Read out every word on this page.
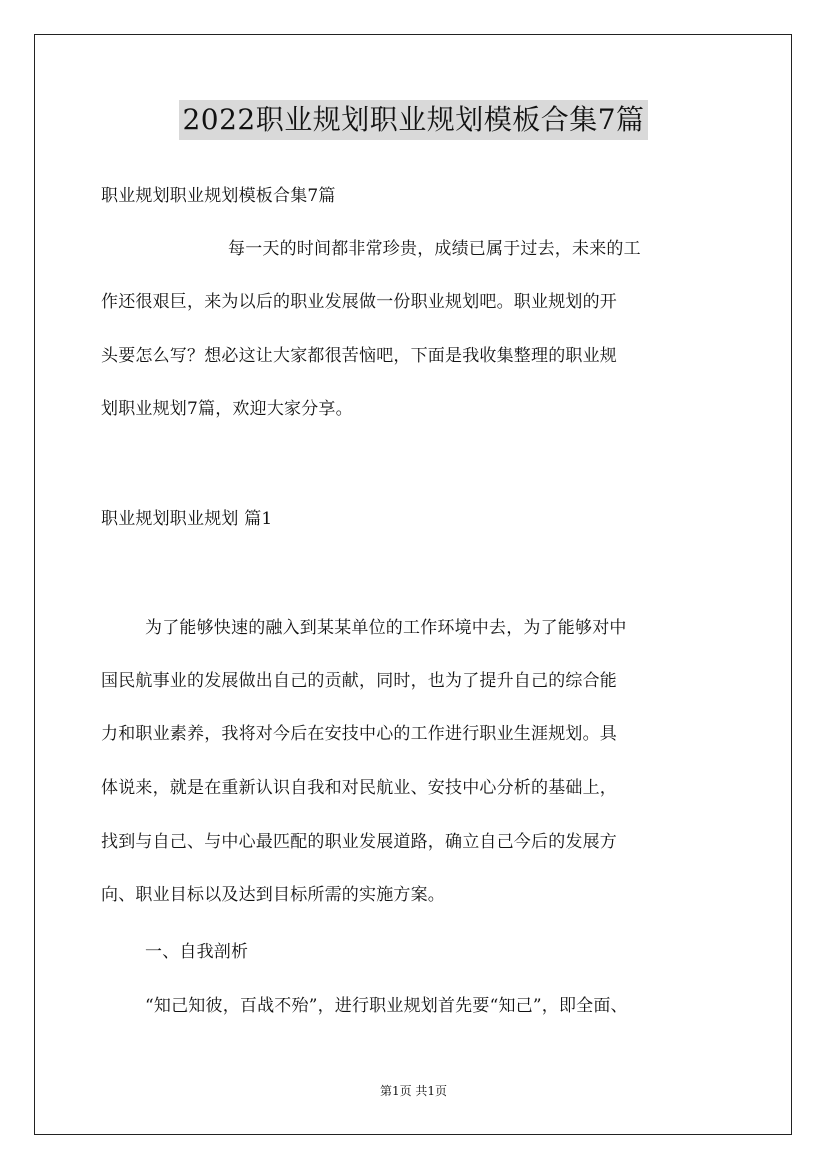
2022职业规划职业规划模板合集7篇
职业规划职业规划模板合集7篇
每一天的时间都非常珍贵，成绩已属于过去，未来的工
作还很艰巨，来为以后的职业发展做一份职业规划吧。职业规划的开
头要怎么写？想必这让大家都很苦恼吧，下面是我收集整理的职业规
划职业规划7篇，欢迎大家分享。
职业规划职业规划 篇1
为了能够快速的融入到某某单位的工作环境中去，为了能够对中
国民航事业的发展做出自己的贡献，同时，也为了提升自己的综合能
力和职业素养，我将对今后在安技中心的工作进行职业生涯规划。具
体说来，就是在重新认识自我和对民航业、安技中心分析的基础上，
找到与自己、与中心最匹配的职业发展道路，确立自己今后的发展方
向、职业目标以及达到目标所需的实施方案。
一、自我剖析
“知己知彼，百战不殆”，进行职业规划首先要“知己”，即全面、
第1页 共1页
